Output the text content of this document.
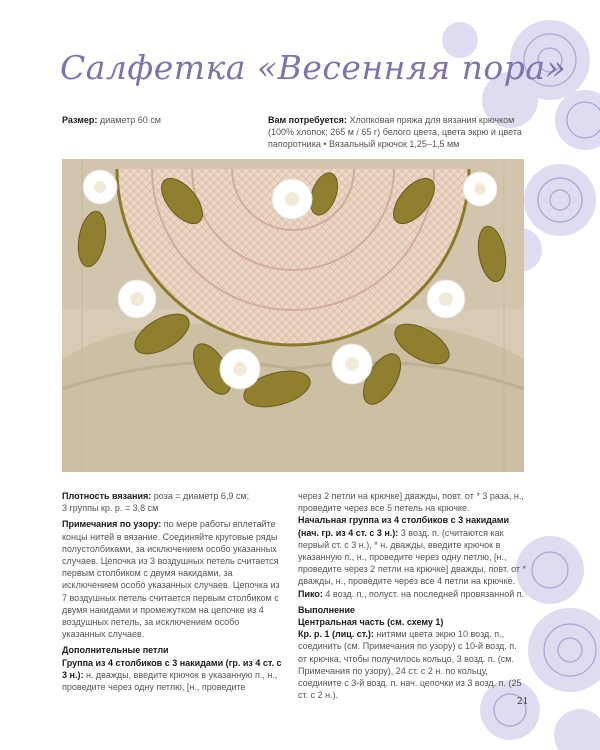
Салфетка «Весенняя пора»
Размер: диаметр 60 см	Вам потребуется: Хлопковая пряжа для вязания крючком (100% хлопок; 265 м / 65 г) белого цвета, цвета экрю и цвета папоротника • Вязальный крючок 1,25–1,5 мм
Плотность вязания: роза = диаметр 6,9 см;
3 группы кр. р. = 3,8 см
Примечания по узору: по мере работы вплетайте концы нитей в вязание. Соединяйте круговые ряды полустолбиками, за исключением особо указанных случаев. Цепочка из 3 воздушных петель считается первым столбиком с двумя накидами, за исключением особо указанных случаев. Цепочка из 7 воздушных петель считается первым столбиком с двумя накидами и промежутком на цепочке из 4 воздушных петель, за исключением особо указанных случаев.
Дополнительные петли
Группа из 4 столбиков с 3 накидами (гр. из 4 ст. с 3 н.): н. дважды, введите крючок в указанную п., н., проведите через одну петлю, [н., проведите
через 2 петли на крючке] дважды, повт. от * 3 раза, н., проведите через все 5 петель на крючке.
Начальная группа из 4 столбиков с 3 накидами (нач. гр. из 4 ст. с 3 н.): 3 возд. п. (считаются как первый ст. с 3 н.), * н. дважды, введите крючок в указанную п., н., проведите через одну петлю, [н., проведите через 2 петли на крючке] дважды, повт. от * дважды, н., проведите через все 4 петли на крючке.
Пико: 4 возд. п., полуст. на последней провязанной п.
Выполнение
Центральная часть (см. схему 1)
Кр. р. 1 (лиц. ст.): нитями цвета экрю 10 возд. п., соединить (см. Примечания по узору) с 10-й возд. п. от крючка, чтобы получилось кольцо, 3 возд. п. (см. Примечания по узору), 24 ст. с 2 н. по кольцу, соедините с 3-й возд. п. нач. цепочки из 3 возд. п. (25 ст. с 2 н.).
21
